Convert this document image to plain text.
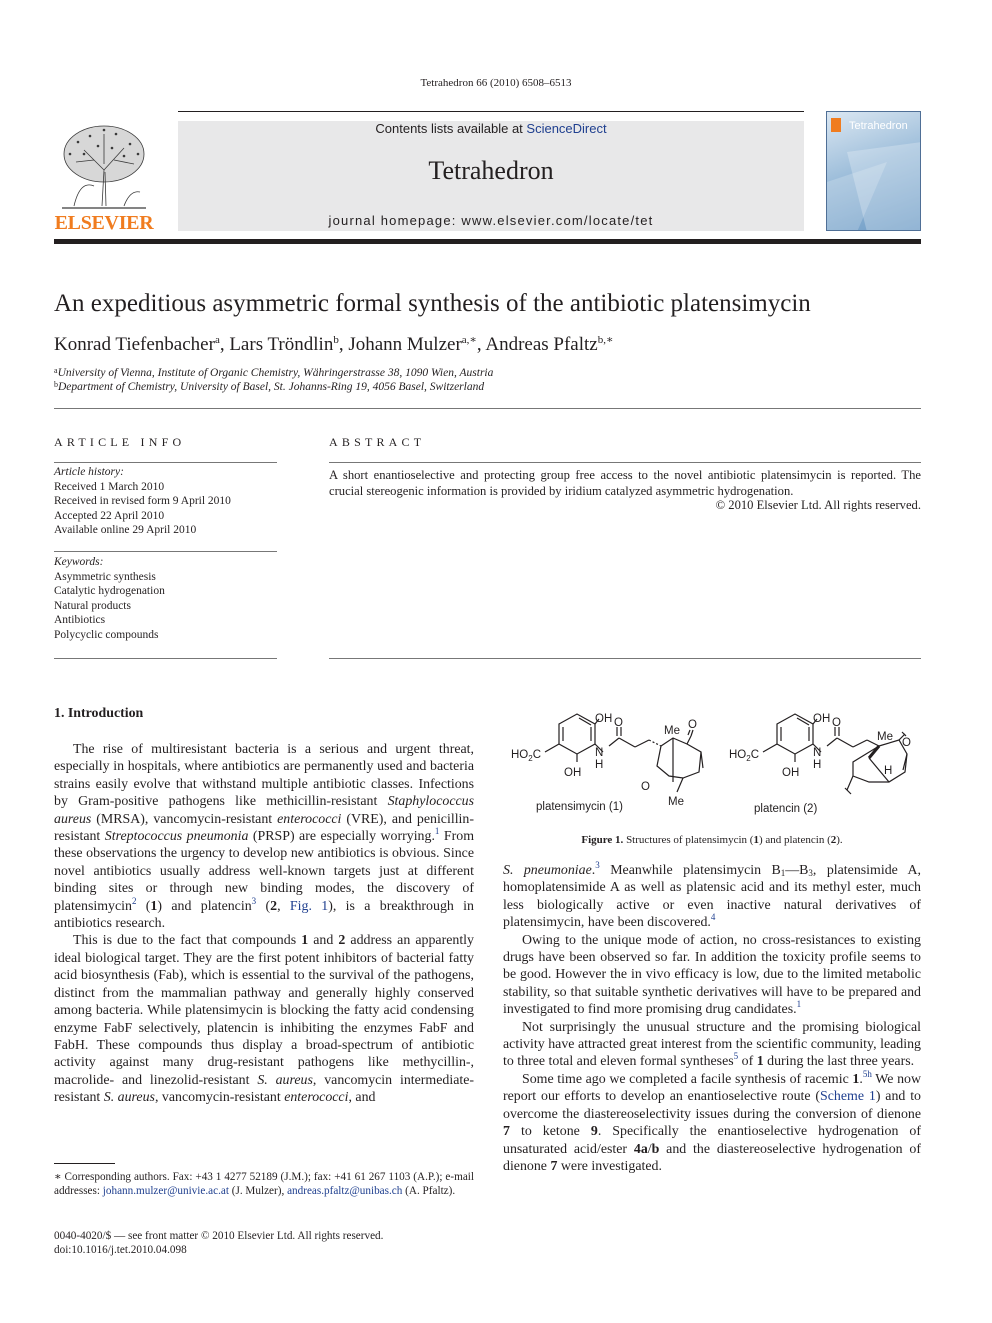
Tetrahedron 66 (2010) 6508–6513
ELSEVIER
Contents lists available at ScienceDirect
Tetrahedron
journal homepage: www.elsevier.com/locate/tet
Tetrahedron
An expeditious asymmetric formal synthesis of the antibiotic platensimycin
Konrad Tiefenbacher$^a$, Lars Tröndlin$^b$, Johann Mulzer$^{a,∗}$, Andreas Pfaltz$^{b,∗}$
$^a$University of Vienna, Institute of Organic Chemistry, Währingerstrasse 38, 1090 Wien, Austria
$^b$Department of Chemistry, University of Basel, St. Johanns-Ring 19, 4056 Basel, Switzerland
ARTICLE INFO	ABSTRACT
Article history:
Received 1 March 2010
Received in revised form 9 April 2010
Accepted 22 April 2010
Available online 29 April 2010
Keywords:
Asymmetric synthesis
Catalytic hydrogenation
Natural products
Antibiotics
Polycyclic compounds
A short enantioselective and protecting group free access to the novel antibiotic platensimycin is reported. The crucial stereogenic information is provided by iridium catalyzed asymmetric hydrogenation.
© 2010 Elsevier Ltd. All rights reserved.
1. Introduction

The rise of multiresistant bacteria is a serious and urgent threat, especially in hospitals, where antibiotics are permanently used and bacteria strains easily evolve that withstand multiple antibiotic classes. Infections by Gram-positive pathogens like methicillin-resistant Staphylococcus aureus (MRSA), vancomycin-resistant enterococci (VRE), and penicillin-resistant Streptococcus pneumonia (PRSP) are especially worrying.$^1$ From these observations the urgency to develop new antibiotics is obvious. Since novel antibiotics usually address well-known targets just at different binding sites or through new binding modes, the discovery of platensimycin$^2$ (1) and platencin$^3$ (2, Fig. 1), is a breakthrough in antibiotics research.

This is due to the fact that compounds 1 and 2 address an apparently ideal biological target. They are the first potent inhibitors of bacterial fatty acid biosynthesis (Fab), which is essential to the survival of the pathogens, distinct from the mammalian pathway and generally highly conserved among bacteria. While platensimycin is blocking the fatty acid condensing enzyme FabF selectively, platencin is inhibiting the enzymes FabF and FabH. These compounds thus display a broad-spectrum of antibiotic activity against many drug-resistant pathogens like methycillin-, macrolide- and linezolid-resistant S. aureus, vancomycin intermediate-resistant S. aureus, vancomycin-resistant enterococci, and

OH
OH
$HO_2C$	N
H
O
Me O
O
Me
OH
OH
$HO_2C$	N
H
O
Me O
H
platensimycin (1)	platencin (2)
Figure 1. Structures of platensimycin (1) and platencin (2).

S. pneumoniae.$^3$ Meanwhile platensimycin $B_1—B_3$, platensimide A, homoplatensimide A as well as platensic acid and its methyl ester, much less biologically active or even inactive natural derivatives of platensimycin, have been discovered.$^4$

Owing to the unique mode of action, no cross-resistances to existing drugs have been observed so far. In addition the toxicity profile seems to be good. However the in vivo efficacy is low, due to the limited metabolic stability, so that suitable synthetic derivatives will have to be prepared and investigated to find more promising drug candidates.$^1$

Not surprisingly the unusual structure and the promising biological activity have attracted great interest from the scientific community, leading to three total and eleven formal syntheses$^5$ of 1 during the last three years.

Some time ago we completed a facile synthesis of racemic 1.$^{5h}$ We now report our efforts to develop an enantioselective route (Scheme 1) and to overcome the diastereoselectivity issues during the conversion of dienone 7 to ketone 9. Specifically the enantioselective hydrogenation of unsaturated acid/ester 4a/b and the diastereoselective hydrogenation of dienone 7 were investigated.

∗ Corresponding authors. Fax: +43 1 4277 52189 (J.M.); fax: +41 61 267 1103 (A.P.); e-mail addresses: johann.mulzer@univie.ac.at (J. Mulzer), andreas.pfaltz@unibas.ch (A. Pfaltz).
0040-4020/$ — see front matter © 2010 Elsevier Ltd. All rights reserved.
doi:10.1016/j.tet.2010.04.098
